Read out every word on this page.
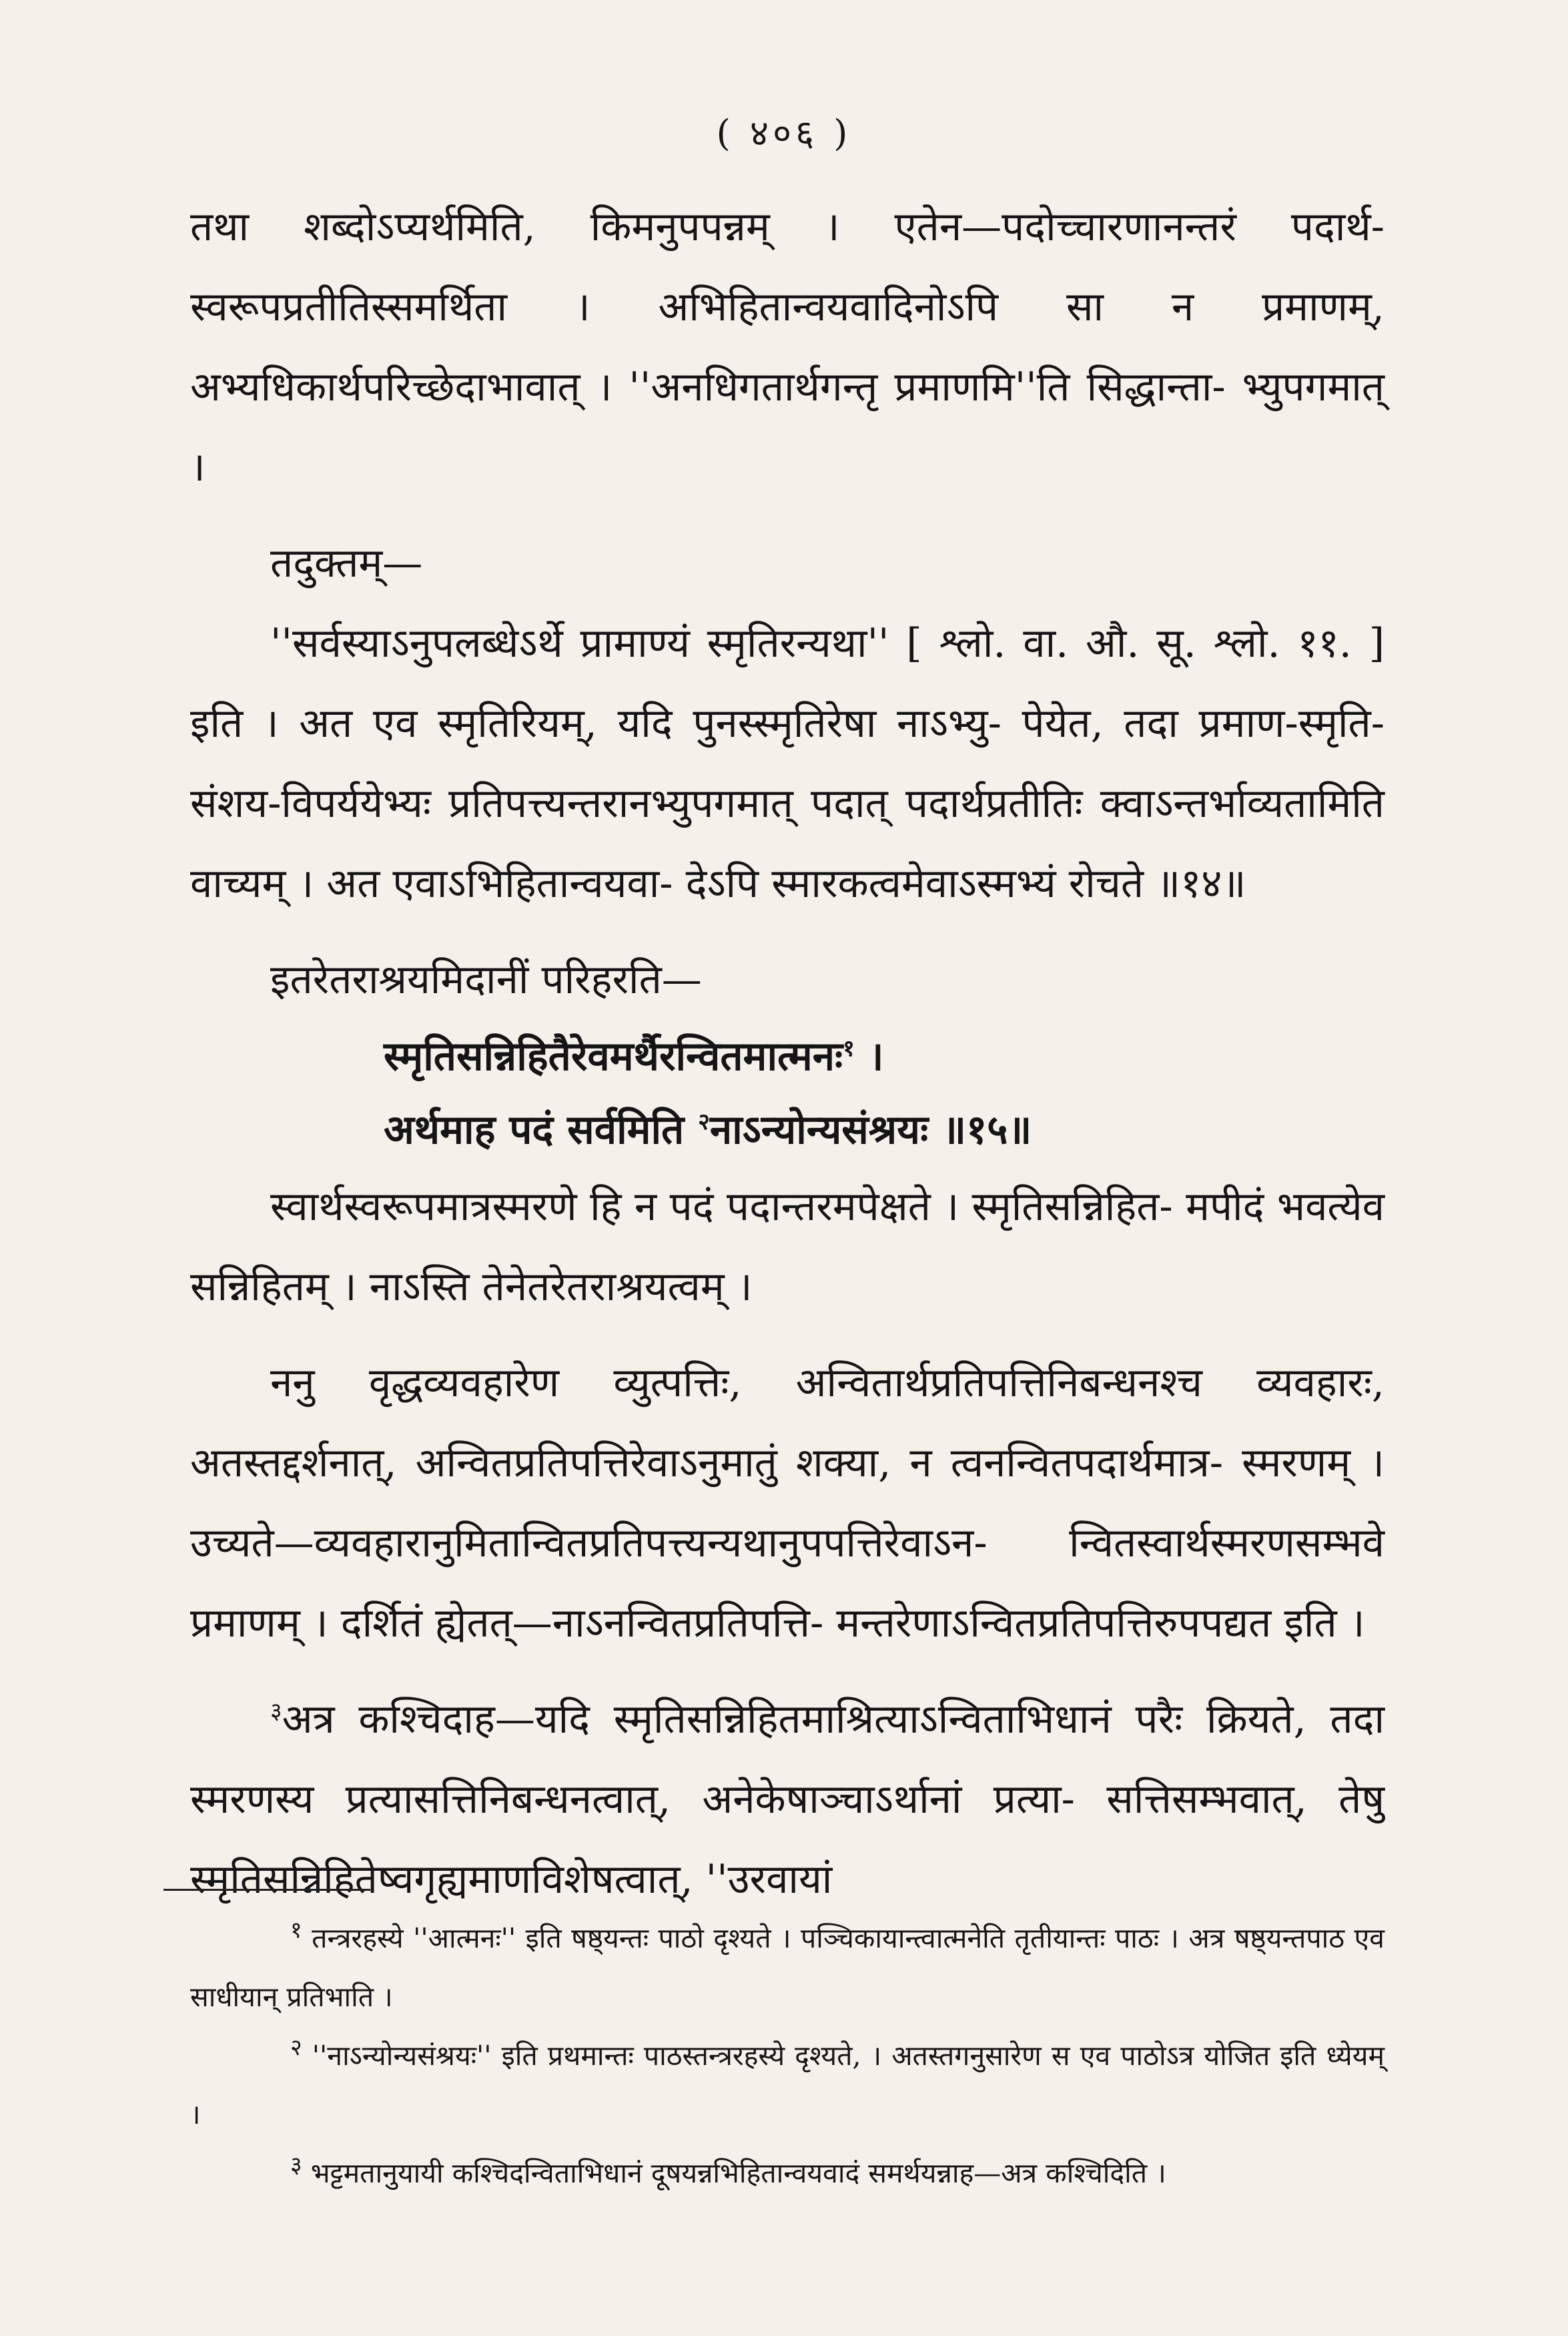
( ४०६ )

तथा शब्दोऽप्यर्थमिति, किमनुपपन्नम् । एतेन—पदोच्चारणानन्तरं पदार्थ- स्वरूपप्रतीतिस्समर्थिता । अभिहितान्वयवादिनोऽपि सा न प्रमाणम्, अभ्यधिकार्थपरिच्छेदाभावात् । ''अनधिगतार्थगन्तृ प्रमाणमि''ति सिद्धान्ता- भ्युपगमात् ।

तदुक्तम्—

''सर्वस्याऽनुपलब्धेऽर्थे प्रामाण्यं स्मृतिरन्यथा'' [ श्लो. वा. औ. सू. श्लो. ११. ] इति । अत एव स्मृतिरियम्, यदि पुनस्स्मृतिरेषा नाऽभ्यु- पेयेत, तदा प्रमाण-स्मृति-संशय-विपर्ययेभ्यः प्रतिपत्त्यन्तरानभ्युपगमात् पदात् पदार्थप्रतीतिः क्वाऽन्तर्भाव्यतामिति वाच्यम् । अत एवाऽभिहितान्वयवा- देऽपि स्मारकत्वमेवाऽस्मभ्यं रोचते ॥१४॥

इतरेतराश्रयमिदानीं परिहरति—

स्मृतिसन्निहितैरेवमर्थैरन्वितमात्मनः$^१$ ।

अर्थमाह पदं सर्वमिति $^२$नाऽन्योन्यसंश्रयः ॥१५॥

स्वार्थस्वरूपमात्रस्मरणे हि न पदं पदान्तरमपेक्षते । स्मृतिसन्निहित- मपीदं भवत्येव सन्निहितम् । नाऽस्ति तेनेतरेतराश्रयत्वम् ।

ननु वृद्धव्यवहारेण व्युत्पत्तिः, अन्वितार्थप्रतिपत्तिनिबन्धनश्च व्यवहारः, अतस्तद्दर्शनात्, अन्वितप्रतिपत्तिरेवाऽनुमातुं शक्या, न त्वनन्वितपदार्थमात्र- स्मरणम् । उच्यते—व्यवहारानुमितान्वितप्रतिपत्त्यन्यथानुपपत्तिरेवाऽन- न्वितस्वार्थस्मरणसम्भवे प्रमाणम् । दर्शितं ह्येतत्—नाऽनन्वितप्रतिपत्ति- मन्तरेणाऽन्वितप्रतिपत्तिरुपपद्यत इति ।

$^३$अत्र कश्चिदाह—यदि स्मृतिसन्निहितमाश्रित्याऽन्विताभिधानं परैः क्रियते, तदा स्मरणस्य प्रत्यासत्तिनिबन्धनत्वात्, अनेकेषाञ्चाऽर्थानां प्रत्या- सत्तिसम्भवात्, तेषु स्मृतिसन्निहितेष्वगृह्यमाणविशेषत्वात्, ''उरवायां

$^१$ तन्त्ररहस्ये ''आत्मनः'' इति षष्ठ्यन्तः पाठो दृश्यते । पञ्चिकायान्त्वात्मनेति तृतीयान्तः पाठः । अत्र षष्ठ्यन्तपाठ एव साधीयान् प्रतिभाति ।

$^२$ ''नाऽन्योन्यसंश्रयः'' इति प्रथमान्तः पाठस्तन्त्ररहस्ये दृश्यते, । अतस्तगनुसारेण स एव पाठोऽत्र योजित इति ध्येयम् ।

$^३$ भट्टमतानुयायी कश्चिदन्विताभिधानं दूषयन्नभिहितान्वयवादं समर्थयन्नाह—अत्र कश्चिदिति ।
